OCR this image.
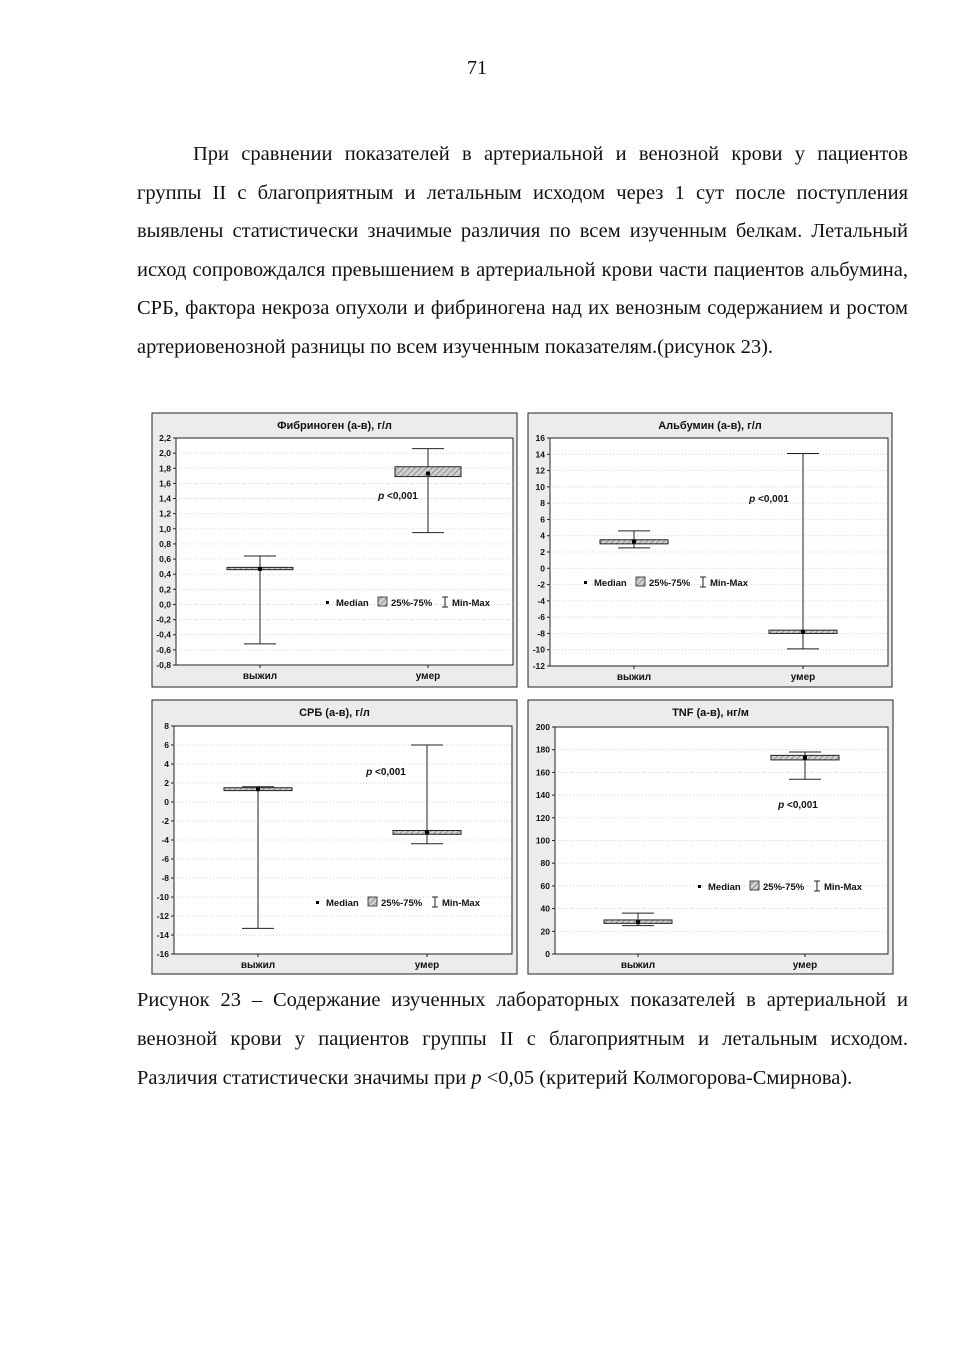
71

При сравнении показателей в артериальной и венозной крови у пациентов группы II с благоприятным и летальным исходом через 1 сут после поступления выявлены статистически значимые различия по всем изученным белкам. Летальный исход сопровождался превышением в артериальной крови части пациентов альбумина, СРБ, фактора некроза опухоли и фибриногена над их венозным содержанием и ростом артериовенозной разницы по всем изученным показателям.(рисунок 23).

Фибриноген (а-в), г/л
2,2
2,0
1,8
1,6
1,4
1,2
1,0
0,8
0,6
0,4
0,2
0,0
-0,2
-0,4
-0,6
-0,8
выжил	умер
p <0,001
Median 25%-75% Min-Max
Альбумин (а-в), г/л
16
14
12
10
8
6
4
2
0
-2
-4
-6
-8
-10
-12
выжил	умер
p <0,001
Median 25%-75% Min-Max
СРБ (а-в), г/л
8
6
4
2
0
-2
-4
-6
-8
-10
-12
-14
-16
выжил	умер
p <0,001
Median 25%-75% Min-Max
TNF (а-в), нг/м
200
180
160
140
120
100
80
60
40
20
0
выжил	умер
p <0,001
Median 25%-75% Min-Max

Рисунок 23 – Содержание изученных лабораторных показателей в артериальной и венозной крови у пациентов группы II с благоприятным и летальным исходом. Различия статистически значимы при p <0,05 (критерий Колмогорова-Смирнова).
